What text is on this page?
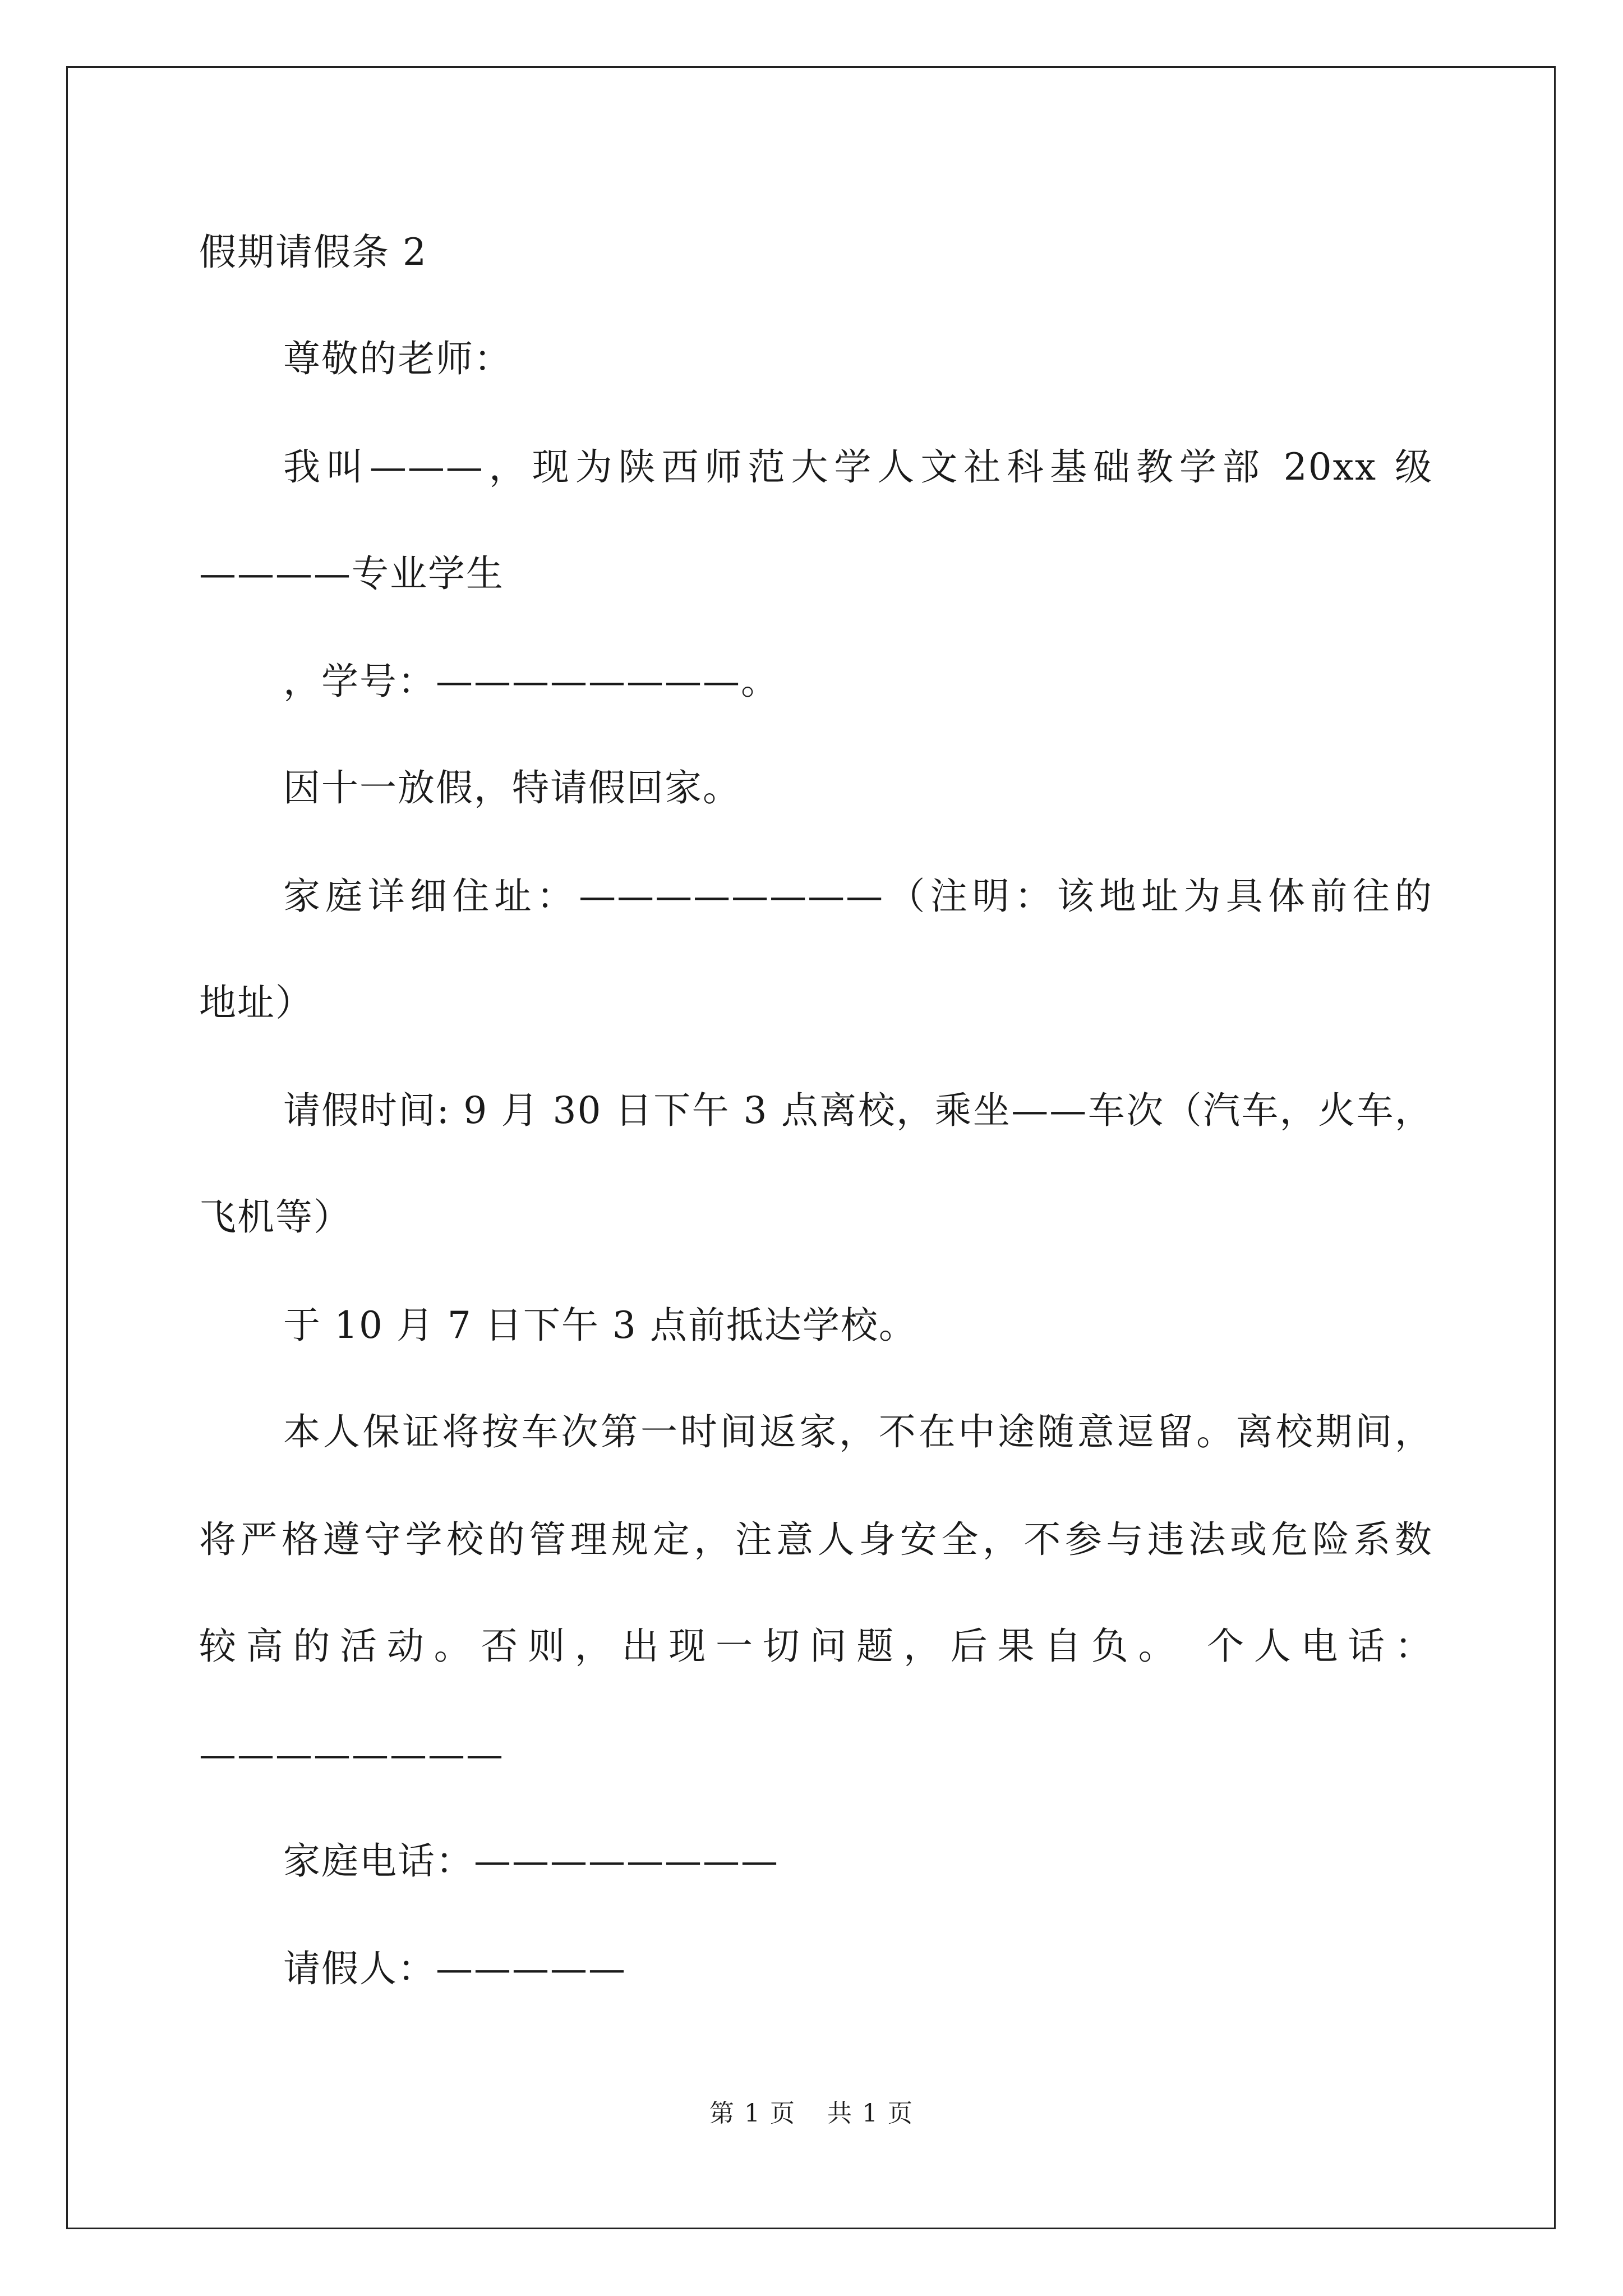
假期请假条 2
尊敬的老师：
我叫———，现为陕西师范大学人文社科基础教学部 20xx 级
————专业学生
，学号：————————。
因十一放假，特请假回家。
家庭详细住址：————————（注明：该地址为具体前往的
地址）
请假时间: 9 月 30 日下午 3 点离校，乘坐——车次（汽车，火车，
飞机等）
于 10 月 7 日下午 3 点前抵达学校。
本人保证将按车次第一时间返家，不在中途随意逗留。离校期间，
将严格遵守学校的管理规定，注意人身安全，不参与违法或危险系数
较高的活动。否则，出现一切问题，后果自负。 个人电话：
————————
家庭电话：————————
请假人：—————
第 1 页 共 1 页
